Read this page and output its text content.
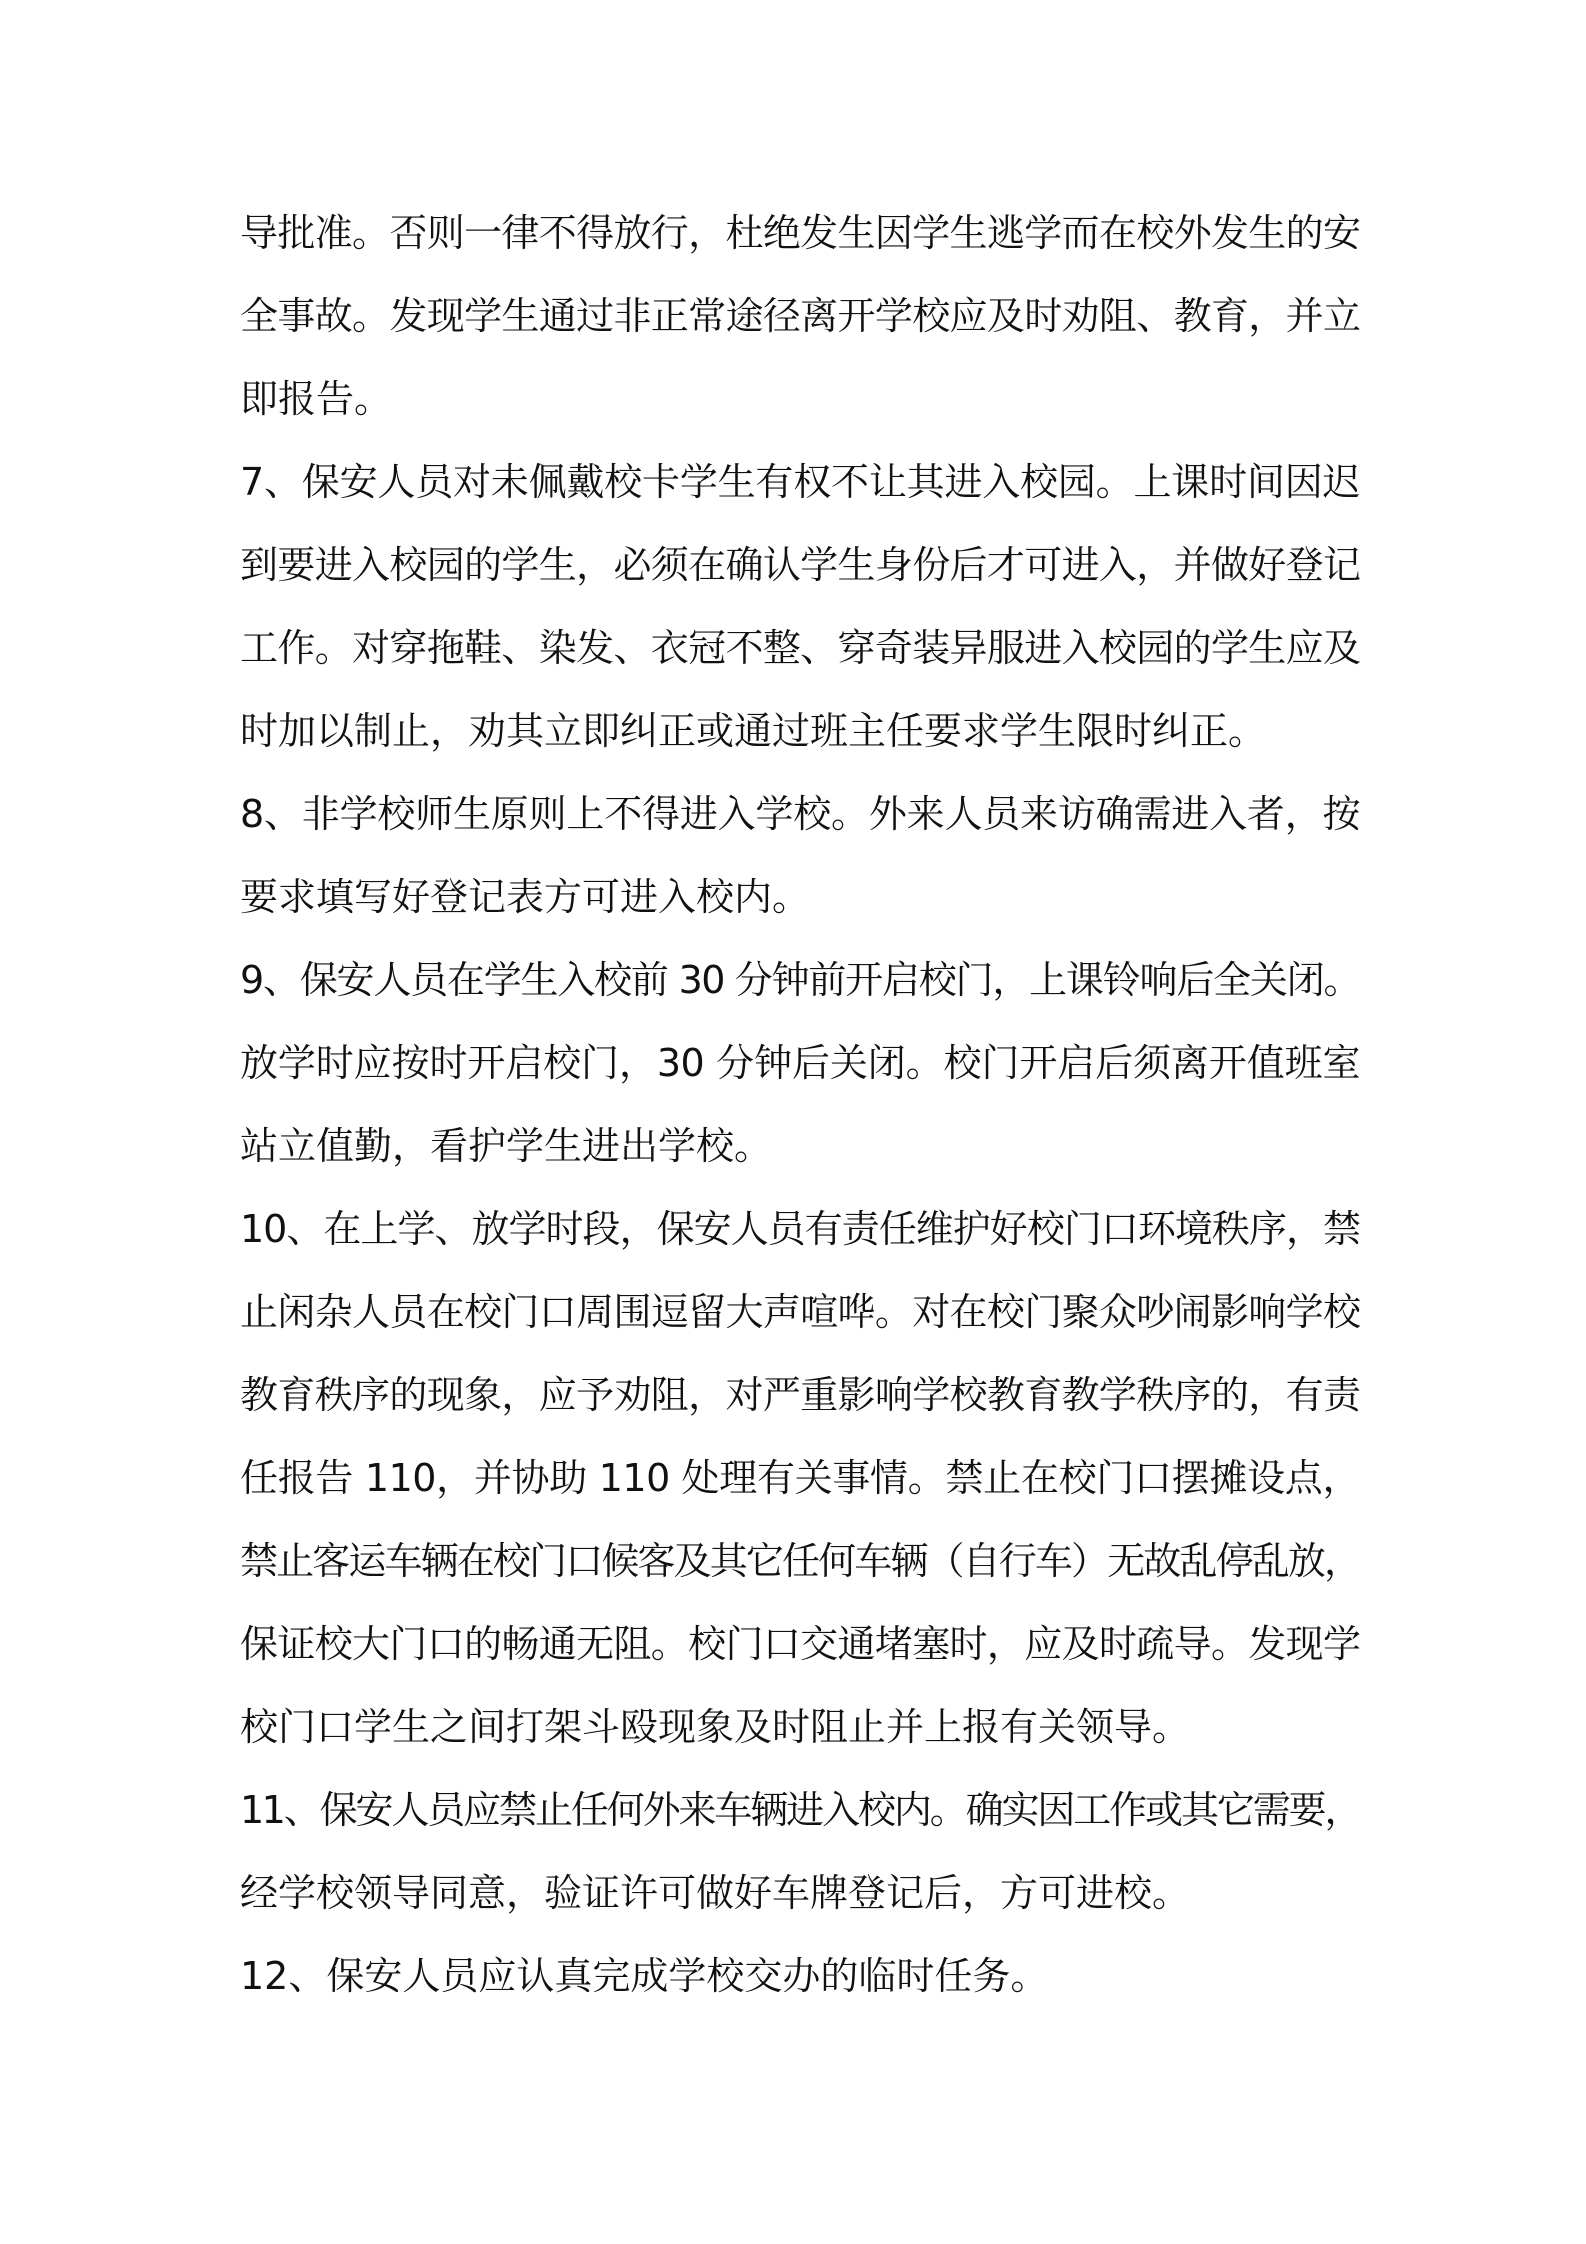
导批准。否则一律不得放行，杜绝发生因学生逃学而在校外发生的安
全事故。发现学生通过非正常途径离开学校应及时劝阻、教育，并立
即报告。
7、保安人员对未佩戴校卡学生有权不让其进入校园。上课时间因迟
到要进入校园的学生，必须在确认学生身份后才可进入，并做好登记
工作。对穿拖鞋、染发、衣冠不整、穿奇装异服进入校园的学生应及
时加以制止，劝其立即纠正或通过班主任要求学生限时纠正。
8、非学校师生原则上不得进入学校。外来人员来访确需进入者，按
要求填写好登记表方可进入校内。
9、保安人员在学生入校前 30 分钟前开启校门，上课铃响后全关闭。
放学时应按时开启校门，30 分钟后关闭。校门开启后须离开值班室
站立值勤，看护学生进出学校。
10、在上学、放学时段，保安人员有责任维护好校门口环境秩序，禁
止闲杂人员在校门口周围逗留大声喧哗。对在校门聚众吵闹影响学校
教育秩序的现象，应予劝阻，对严重影响学校教育教学秩序的，有责
任报告 110，并协助 110 处理有关事情。禁止在校门口摆摊设点，
禁止客运车辆在校门口候客及其它任何车辆（自行车）无故乱停乱放，
保证校大门口的畅通无阻。校门口交通堵塞时，应及时疏导。发现学
校门口学生之间打架斗殴现象及时阻止并上报有关领导。
11、保安人员应禁止任何外来车辆进入校内。确实因工作或其它需要，
经学校领导同意，验证许可做好车牌登记后，方可进校。
12、保安人员应认真完成学校交办的临时任务。
